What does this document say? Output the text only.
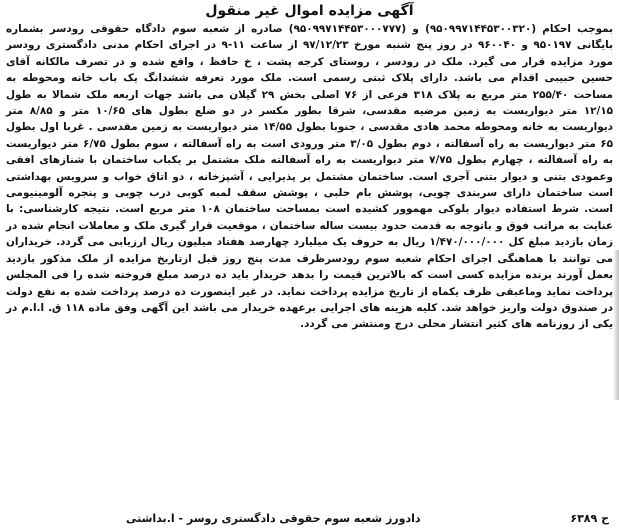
آگهی مزایده اموال غیر منقول
بموجب احکام (۹۵۰۹۹۷۱۴۴۵۳۰۰۳۲۰) و (۹۵۰۹۹۷۱۴۴۵۳۰۰۰۷۷۷) صادره از شعبه سوم دادگاه حقوقی رودسر بشماره بایگانی ۹۵۰۱۹۷ و ۹۶۰۰۴۰ در روز پنج شنبه مورخ ۹۷/۱۲/۲۳ از ساعت ۱۱-۹ در اجرای احکام مدنی دادگستری رودسر مورد مزایده قرار می گیرد. ملک در رودسر ، روستای کرجه پشت ، خ حافظ ، واقع شده و در تصرف مالکانه آقای حسین حبیبی اقدام می باشد. دارای پلاک ثبتی رسمی است. ملک مورد تعرفه ششدانگ یک باب خانه ومحوطه به مساحت ۲۵۵/۴۰ متر مربع به پلاک ۳۱۸ فرعی از ۷۶ اصلی بخش ۲۹ گیلان می باشد جهات اربعه ملک شمالا به طول ۱۲/۱۵ متر دیواریست به زمین مرضیه مقدسی، شرقا بطور مکسر در دو ضلع بطول های ۱۰/۶۵ متر و ۸/۸۵ متر دیواریست به خانه ومحوطه محمد هادی مقدسی ، جنوبا بطول ۱۴/۵۵ متر دیواریست به زمین مقدسی . غربا اول بطول ۶۵ متر دیواریست به راه آسفالته ، دوم بطول ۳/۰۵ متر ورودی است به راه آسفالته ، سوم بطول ۶/۷۵ متر دیواریست به راه آسفالته ، چهارم بطول ۷/۷۵ متر دیواریست به راه آسفالته ملک مشتمل بر یکباب ساختمان با شنازهای افقی وعمودی بتنی و دیوار بتنی آجری است. ساختمان مشتمل بر پذیرایی ، آشپزخانه ، دو اتاق خواب و سرویس بهداشتی است ساختمان دارای سربندی چوبی، پوشش بام حلبی ، پوشش سقف لمبه کوبی درب چوبی و پنجره آلومینیومی است. شرط استفاده دیوار بلوکی مهموور کشیده است بمساحت ساختمان ۱۰۸ متر مربع است. نتیجه کارشناسی: با عنایت به مراتب فوق و باتوجه به قدمت حدود بیست ساله ساختمان ، موقعیت قرار گیری ملک و معاملات انجام شده در زمان بازدید مبلغ کل ۱/۴۷۰/۰۰۰/۰۰۰ ریال به حروف یک میلیارد چهارصد هفتاد میلیون ریال ارزیابی می گردد. خریداران می توانند با هماهنگی اجرای احکام شعبه سوم رودسرظرف مدت پنج روز قبل ازتاریخ مزایده از ملک مذکور بازدید بعمل آورند برنده مزایده کسی است که بالاترین قیمت را بدهد خریدار باید ده درصد مبلغ فروخته شده را فی المجلس پرداخت نماید وماعبقی ظرف یکماه از تاریخ مزایده پرداخت نماید. در غیر اینصورت ده درصد پرداخت شده به نفع دولت در صندوق دولت واریز خواهد شد. کلیه هزینه های اجرایی برعهده خریدار می باشد این آگهی وفق ماده ۱۱۸ ق. ا.ا.م در یکی از روزنامه های کثیر انتشار محلی درج ومنتشر می گردد.
ح ۶۳۸۹
دادورز شعبه سوم حقوقی دادگستری روسر - ا.بداشتی
